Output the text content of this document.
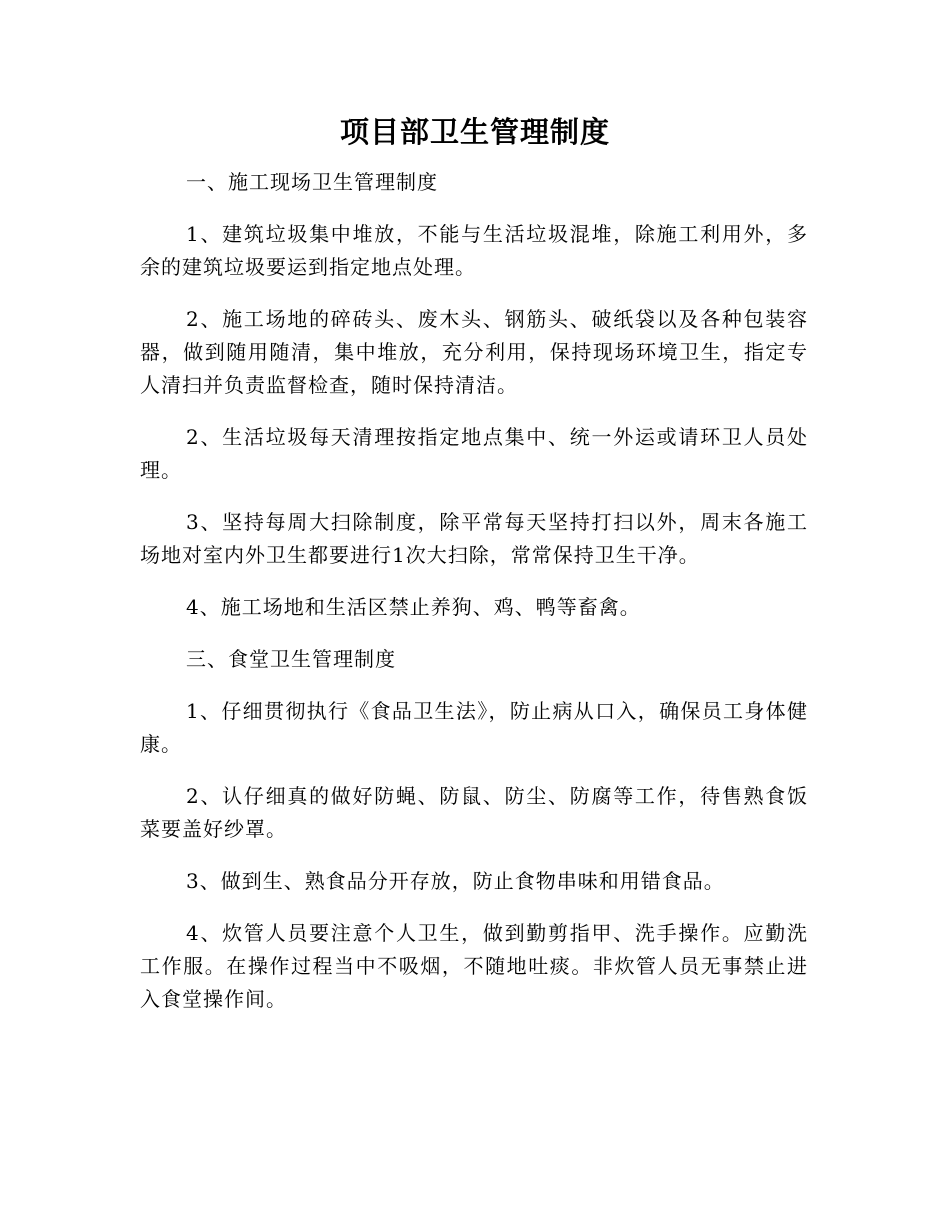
项目部卫生管理制度

一、施工现场卫生管理制度

1、建筑垃圾集中堆放，不能与生活垃圾混堆，除施工利用外，多余的建筑垃圾要运到指定地点处理。

2、施工场地的碎砖头、废木头、钢筋头、破纸袋以及各种包装容器，做到随用随清，集中堆放，充分利用，保持现场环境卫生，指定专人清扫并负责监督检查，随时保持清洁。

2、生活垃圾每天清理按指定地点集中、统一外运或请环卫人员处理。

3、坚持每周大扫除制度，除平常每天坚持打扫以外，周末各施工场地对室内外卫生都要进行1次大扫除，常常保持卫生干净。

4、施工场地和生活区禁止养狗、鸡、鸭等畜禽。

三、食堂卫生管理制度

1、仔细贯彻执行《食品卫生法》，防止病从口入，确保员工身体健康。

2、认仔细真的做好防蝇、防鼠、防尘、防腐等工作，待售熟食饭菜要盖好纱罩。

3、做到生、熟食品分开存放，防止食物串味和用错食品。

4、炊管人员要注意个人卫生，做到勤剪指甲、洗手操作。应勤洗工作服。在操作过程当中不吸烟，不随地吐痰。非炊管人员无事禁止进入食堂操作间。
